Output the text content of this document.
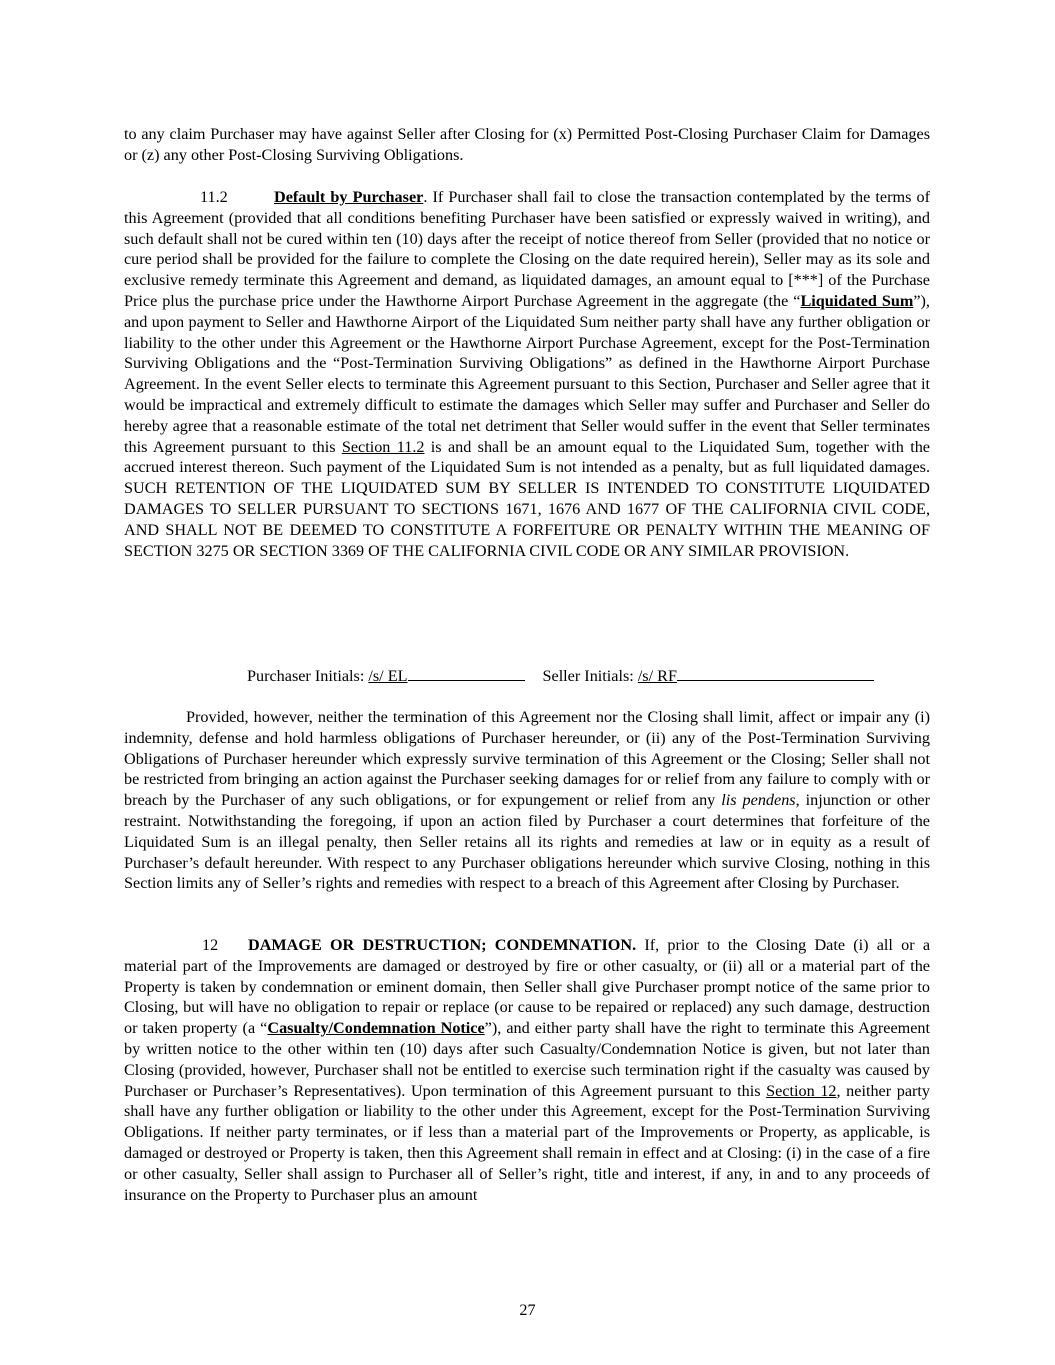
to any claim Purchaser may have against Seller after Closing for (x) Permitted Post-Closing Purchaser Claim for Damages or (z) any other Post-Closing Surviving Obligations.

11.2	Default by Purchaser. If Purchaser shall fail to close the transaction contemplated by the terms of this Agreement (provided that all conditions benefiting Purchaser have been satisfied or expressly waived in writing), and such default shall not be cured within ten (10) days after the receipt of notice thereof from Seller (provided that no notice or cure period shall be provided for the failure to complete the Closing on the date required herein), Seller may as its sole and exclusive remedy terminate this Agreement and demand, as liquidated damages, an amount equal to [***] of the Purchase Price plus the purchase price under the Hawthorne Airport Purchase Agreement in the aggregate (the “Liquidated Sum”), and upon payment to Seller and Hawthorne Airport of the Liquidated Sum neither party shall have any further obligation or liability to the other under this Agreement or the Hawthorne Airport Purchase Agreement, except for the Post-Termination Surviving Obligations and the “Post-Termination Surviving Obligations” as defined in the Hawthorne Airport Purchase Agreement. In the event Seller elects to terminate this Agreement pursuant to this Section, Purchaser and Seller agree that it would be impractical and extremely difficult to estimate the damages which Seller may suffer and Purchaser and Seller do hereby agree that a reasonable estimate of the total net detriment that Seller would suffer in the event that Seller terminates this Agreement pursuant to this Section 11.2 is and shall be an amount equal to the Liquidated Sum, together with the accrued interest thereon. Such payment of the Liquidated Sum is not intended as a penalty, but as full liquidated damages. SUCH RETENTION OF THE LIQUIDATED SUM BY SELLER IS INTENDED TO CONSTITUTE LIQUIDATED DAMAGES TO SELLER PURSUANT TO SECTIONS 1671, 1676 AND 1677 OF THE CALIFORNIA CIVIL CODE, AND SHALL NOT BE DEEMED TO CONSTITUTE A FORFEITURE OR PENALTY WITHIN THE MEANING OF SECTION 3275 OR SECTION 3369 OF THE CALIFORNIA CIVIL CODE OR ANY SIMILAR PROVISION.

Purchaser Initials: /s/ EL	Seller Initials: /s/ RF

Provided, however, neither the termination of this Agreement nor the Closing shall limit, affect or impair any (i) indemnity, defense and hold harmless obligations of Purchaser hereunder, or (ii) any of the Post-Termination Surviving Obligations of Purchaser hereunder which expressly survive termination of this Agreement or the Closing; Seller shall not be restricted from bringing an action against the Purchaser seeking damages for or relief from any failure to comply with or breach by the Purchaser of any such obligations, or for expungement or relief from any lis pendens, injunction or other restraint. Notwithstanding the foregoing, if upon an action filed by Purchaser a court determines that forfeiture of the Liquidated Sum is an illegal penalty, then Seller retains all its rights and remedies at law or in equity as a result of Purchaser’s default hereunder. With respect to any Purchaser obligations hereunder which survive Closing, nothing in this Section limits any of Seller’s rights and remedies with respect to a breach of this Agreement after Closing by Purchaser.

12 DAMAGE OR DESTRUCTION; CONDEMNATION. If, prior to the Closing Date (i) all or a material part of the Improvements are damaged or destroyed by fire or other casualty, or (ii) all or a material part of the Property is taken by condemnation or eminent domain, then Seller shall give Purchaser prompt notice of the same prior to Closing, but will have no obligation to repair or replace (or cause to be repaired or replaced) any such damage, destruction or taken property (a “Casualty/Condemnation Notice”), and either party shall have the right to terminate this Agreement by written notice to the other within ten (10) days after such Casualty/Condemnation Notice is given, but not later than Closing (provided, however, Purchaser shall not be entitled to exercise such termination right if the casualty was caused by Purchaser or Purchaser’s Representatives). Upon termination of this Agreement pursuant to this Section 12, neither party shall have any further obligation or liability to the other under this Agreement, except for the Post-Termination Surviving Obligations. If neither party terminates, or if less than a material part of the Improvements or Property, as applicable, is damaged or destroyed or Property is taken, then this Agreement shall remain in effect and at Closing: (i) in the case of a fire or other casualty, Seller shall assign to Purchaser all of Seller’s right, title and interest, if any, in and to any proceeds of insurance on the Property to Purchaser plus an amount

27
